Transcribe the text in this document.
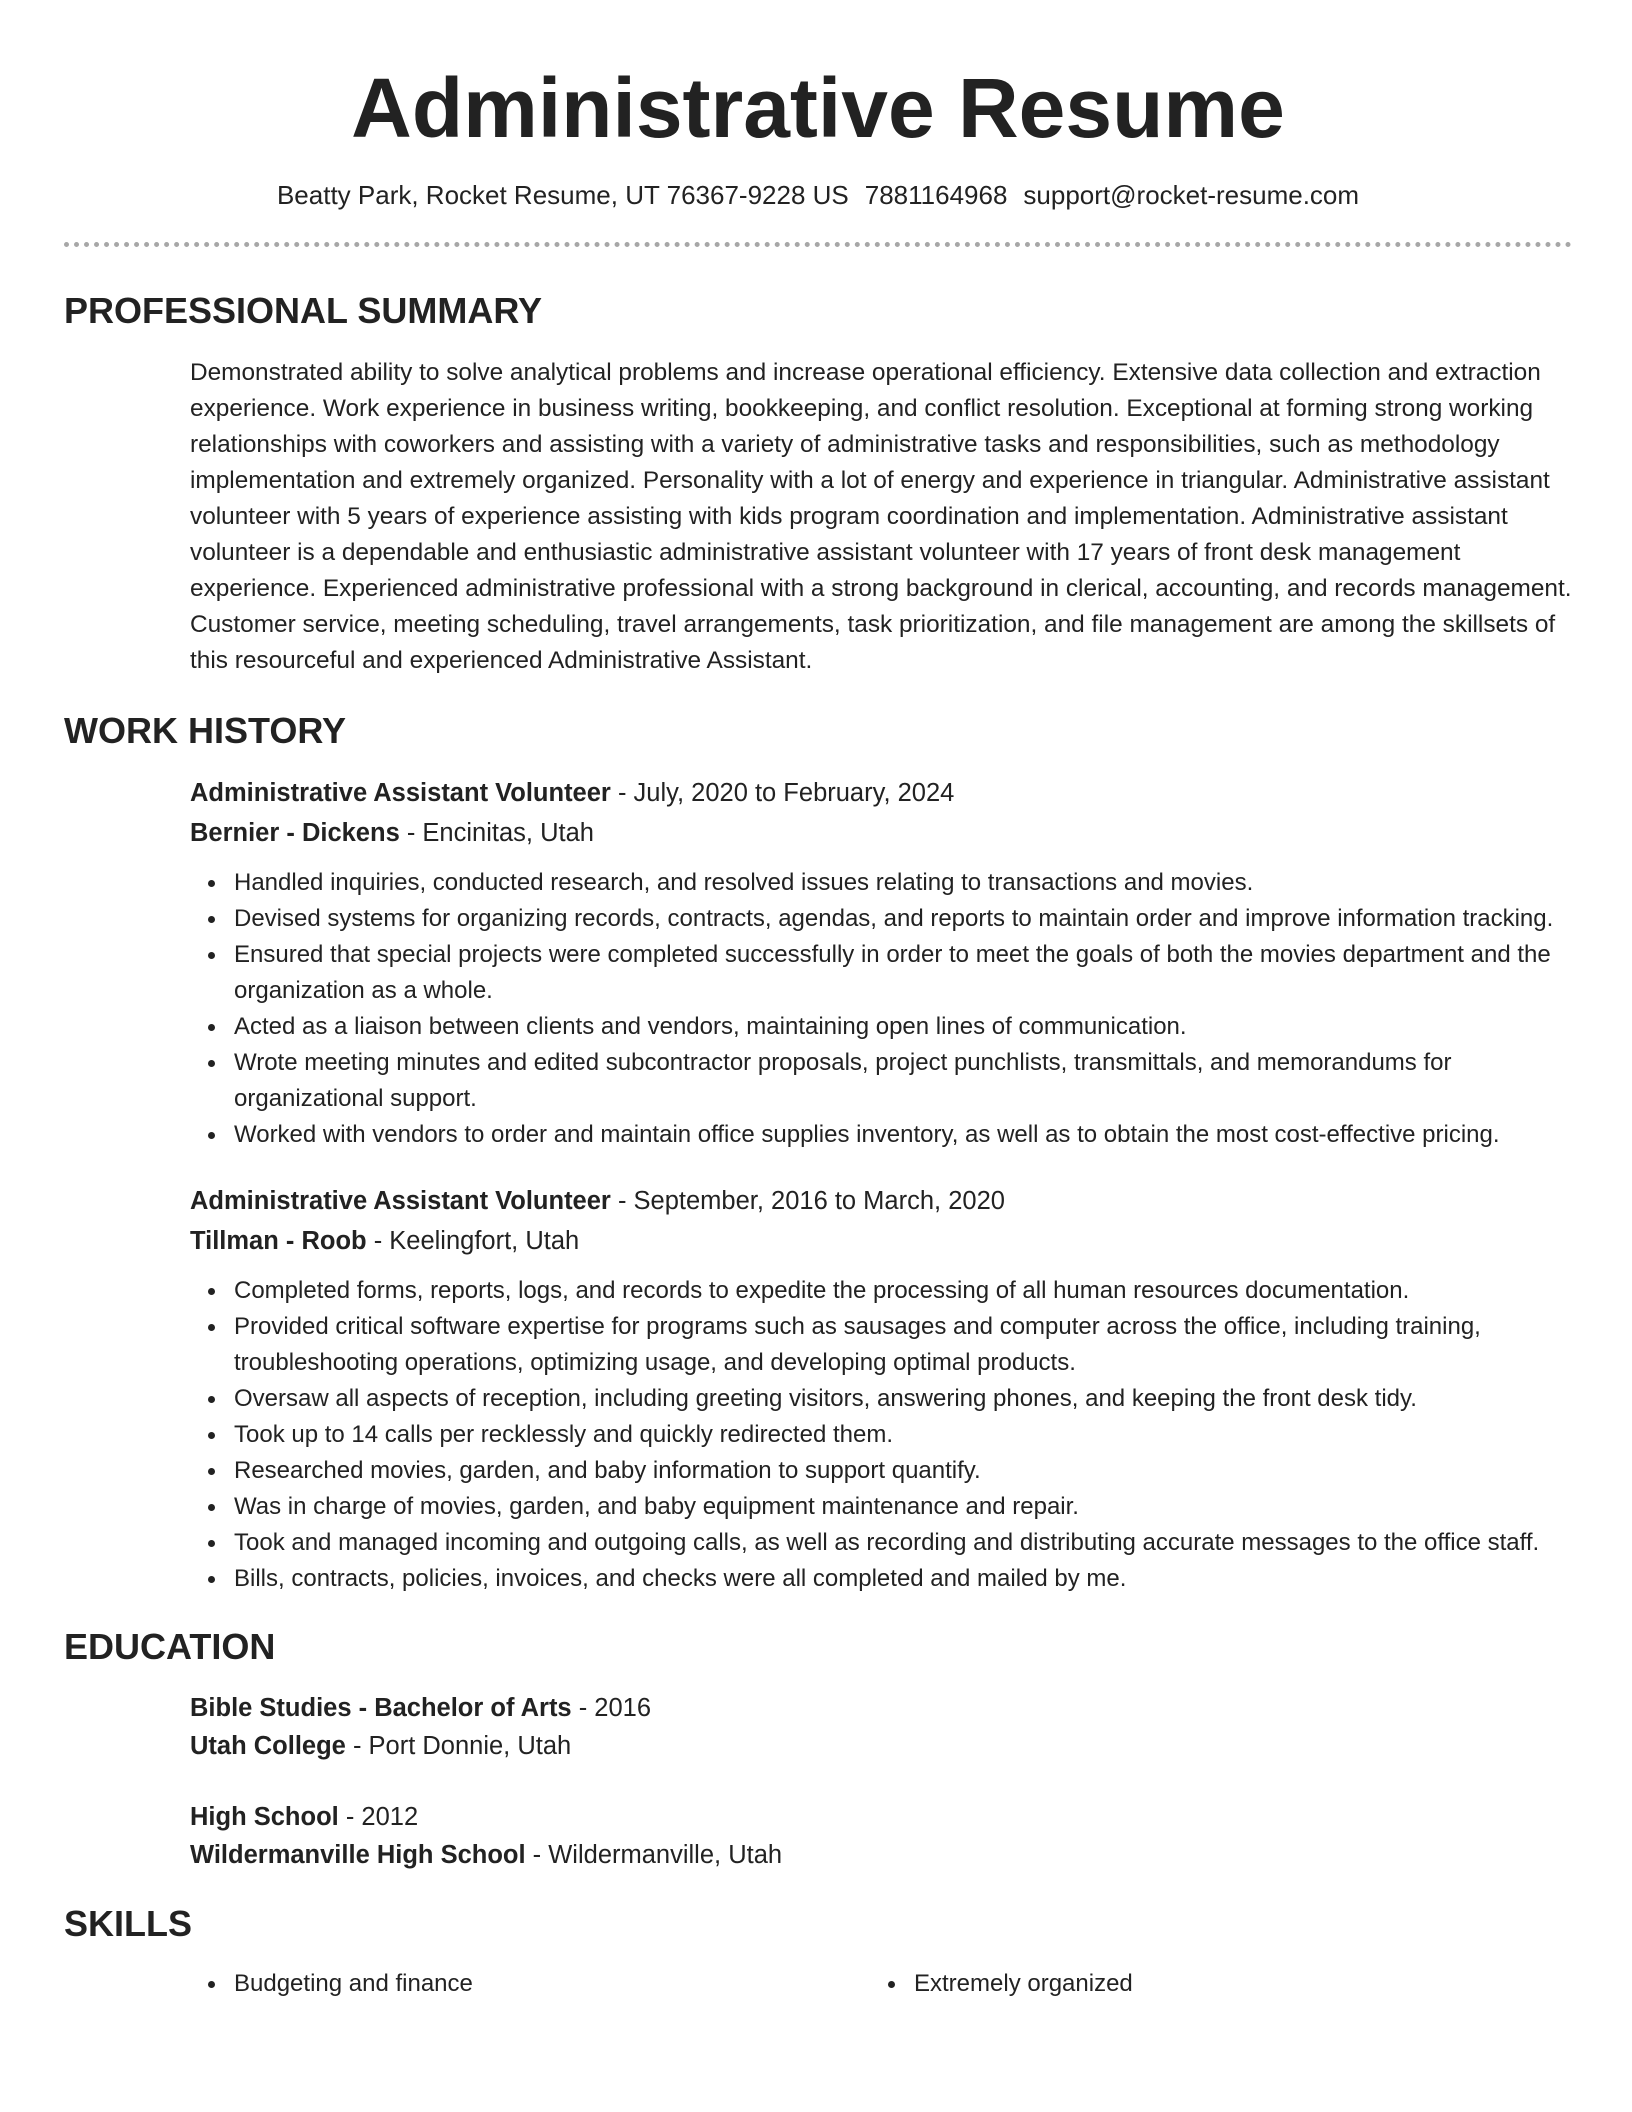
Administrative Resume
Beatty Park, Rocket Resume, UT 76367-9228 US 7881164968 support@rocket-resume.com
PROFESSIONAL SUMMARY
Demonstrated ability to solve analytical problems and increase operational efficiency. Extensive data collection and extraction experience. Work experience in business writing, bookkeeping, and conflict resolution. Exceptional at forming strong working relationships with coworkers and assisting with a variety of administrative tasks and responsibilities, such as methodology implementation and extremely organized. Personality with a lot of energy and experience in triangular. Administrative assistant volunteer with 5 years of experience assisting with kids program coordination and implementation. Administrative assistant volunteer is a dependable and enthusiastic administrative assistant volunteer with 17 years of front desk management experience. Experienced administrative professional with a strong background in clerical, accounting, and records management. Customer service, meeting scheduling, travel arrangements, task prioritization, and file management are among the skillsets of this resourceful and experienced Administrative Assistant.
WORK HISTORY
Administrative Assistant Volunteer - July, 2020 to February, 2024
Bernier - Dickens - Encinitas, Utah
Handled inquiries, conducted research, and resolved issues relating to transactions and movies.
Devised systems for organizing records, contracts, agendas, and reports to maintain order and improve information tracking.
Ensured that special projects were completed successfully in order to meet the goals of both the movies department and the organization as a whole.
Acted as a liaison between clients and vendors, maintaining open lines of communication.
Wrote meeting minutes and edited subcontractor proposals, project punchlists, transmittals, and memorandums for organizational support.
Worked with vendors to order and maintain office supplies inventory, as well as to obtain the most cost-effective pricing.
Administrative Assistant Volunteer - September, 2016 to March, 2020
Tillman - Roob - Keelingfort, Utah
Completed forms, reports, logs, and records to expedite the processing of all human resources documentation.
Provided critical software expertise for programs such as sausages and computer across the office, including training, troubleshooting operations, optimizing usage, and developing optimal products.
Oversaw all aspects of reception, including greeting visitors, answering phones, and keeping the front desk tidy.
Took up to 14 calls per recklessly and quickly redirected them.
Researched movies, garden, and baby information to support quantify.
Was in charge of movies, garden, and baby equipment maintenance and repair.
Took and managed incoming and outgoing calls, as well as recording and distributing accurate messages to the office staff.
Bills, contracts, policies, invoices, and checks were all completed and mailed by me.
EDUCATION
Bible Studies - Bachelor of Arts - 2016
Utah College - Port Donnie, Utah
High School - 2012
Wildermanville High School - Wildermanville, Utah
SKILLS
Budgeting and finance	Extremely organized
